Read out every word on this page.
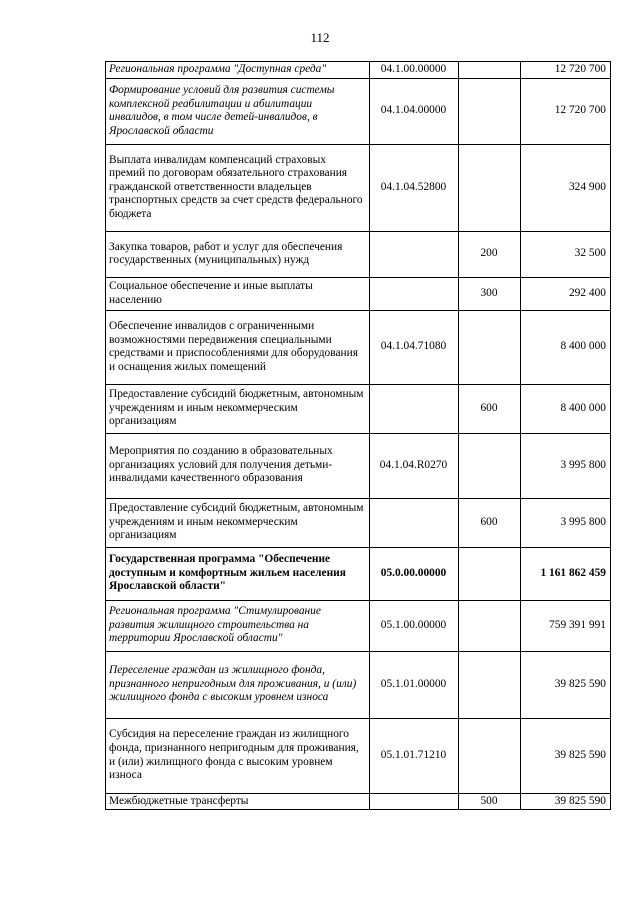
112
Региональная программа "Доступная среда"	04.1.00.00000		12 720 700
Формирование условий для развития системы комплексной реабилитации и абилитации инвалидов, в том числе детей-инвалидов, в Ярославской области	04.1.04.00000		12 720 700
Выплата инвалидам компенсаций страховых премий по договорам обязательного страхования гражданской ответственности владельцев транспортных средств за счет средств федерального бюджета	04.1.04.52800		324 900
Закупка товаров, работ и услуг для обеспечения государственных (муниципальных) нужд		200	32 500
Социальное обеспечение и иные выплаты населению		300	292 400
Обеспечение инвалидов с ограниченными возможностями передвижения специальными средствами и приспособлениями для оборудования и оснащения жилых помещений	04.1.04.71080		8 400 000
Предоставление субсидий бюджетным, автономным учреждениям и иным некоммерческим организациям		600	8 400 000
Мероприятия по созданию в образовательных организациях условий для получения детьми-инвалидами качественного образования	04.1.04.R0270		3 995 800
Предоставление субсидий бюджетным, автономным учреждениям и иным некоммерческим организациям		600	3 995 800
Государственная программа "Обеспечение доступным и комфортным жильем населения Ярославской области"	05.0.00.00000		1 161 862 459
Региональная программа "Стимулирование развития жилищного строительства на территории Ярославской области"	05.1.00.00000		759 391 991
Переселение граждан из жилищного фонда, признанного непригодным для проживания, и (или) жилищного фонда с высоким уровнем износа	05.1.01.00000		39 825 590
Субсидия на переселение граждан из жилищного фонда, признанного непригодным для проживания, и (или) жилищного фонда с высоким уровнем износа	05.1.01.71210		39 825 590
Межбюджетные трансферты		500	39 825 590
